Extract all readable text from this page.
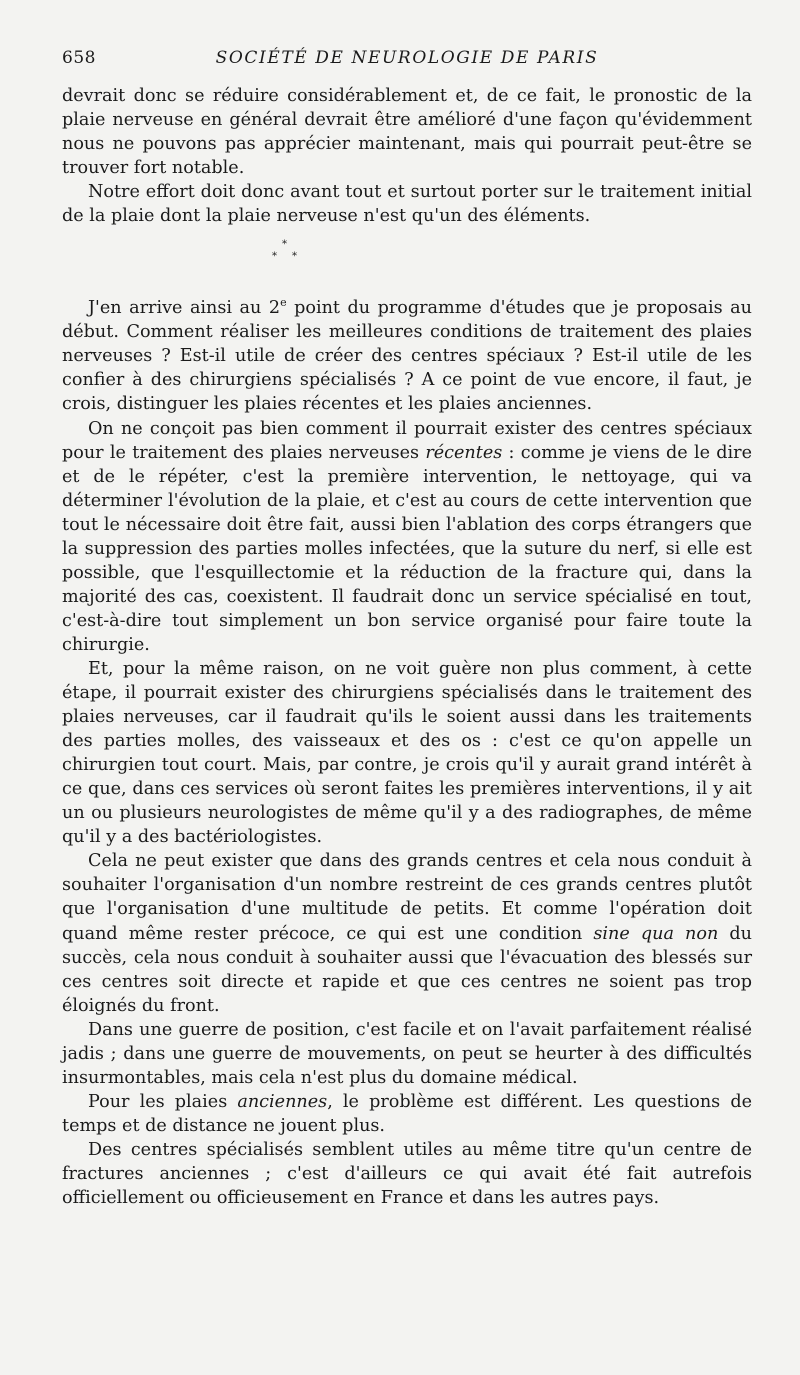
658	SOCIÉTÉ DE NEUROLOGIE DE PARIS

devrait donc se réduire considérablement et, de ce fait, le pronostic de la plaie nerveuse en général devrait être amélioré d'une façon qu'évidemment nous ne pouvons pas apprécier maintenant, mais qui pourrait peut-être se trouver fort notable.

Notre effort doit donc avant tout et surtout porter sur le traitement initial de la plaie dont la plaie nerveuse n'est qu'un des éléments.

*
* *

J'en arrive ainsi au 2e point du programme d'études que je proposais au début. Comment réaliser les meilleures conditions de traitement des plaies nerveuses ? Est-il utile de créer des centres spéciaux ? Est-il utile de les confier à des chirurgiens spécialisés ? A ce point de vue encore, il faut, je crois, distinguer les plaies récentes et les plaies anciennes.

On ne conçoit pas bien comment il pourrait exister des centres spéciaux pour le traitement des plaies nerveuses récentes : comme je viens de le dire et de le répéter, c'est la première intervention, le nettoyage, qui va déterminer l'évolution de la plaie, et c'est au cours de cette intervention que tout le nécessaire doit être fait, aussi bien l'ablation des corps étrangers que la suppression des parties molles infectées, que la suture du nerf, si elle est possible, que l'esquillectomie et la réduction de la fracture qui, dans la majorité des cas, coexistent. Il faudrait donc un service spécialisé en tout, c'est-à-dire tout simplement un bon service organisé pour faire toute la chirurgie.

Et, pour la même raison, on ne voit guère non plus comment, à cette étape, il pourrait exister des chirurgiens spécialisés dans le traitement des plaies nerveuses, car il faudrait qu'ils le soient aussi dans les traitements des parties molles, des vaisseaux et des os : c'est ce qu'on appelle un chirurgien tout court. Mais, par contre, je crois qu'il y aurait grand intérêt à ce que, dans ces services où seront faites les premières interventions, il y ait un ou plusieurs neurologistes de même qu'il y a des radiographes, de même qu'il y a des bactériologistes.

Cela ne peut exister que dans des grands centres et cela nous conduit à souhaiter l'organisation d'un nombre restreint de ces grands centres plutôt que l'organisation d'une multitude de petits. Et comme l'opération doit quand même rester précoce, ce qui est une condition sine qua non du succès, cela nous conduit à souhaiter aussi que l'évacuation des blessés sur ces centres soit directe et rapide et que ces centres ne soient pas trop éloignés du front.

Dans une guerre de position, c'est facile et on l'avait parfaitement réalisé jadis ; dans une guerre de mouvements, on peut se heurter à des difficultés insurmontables, mais cela n'est plus du domaine médical.

Pour les plaies anciennes, le problème est différent. Les questions de temps et de distance ne jouent plus.

Des centres spécialisés semblent utiles au même titre qu'un centre de fractures anciennes ; c'est d'ailleurs ce qui avait été fait autrefois officiellement ou officieusement en France et dans les autres pays.
